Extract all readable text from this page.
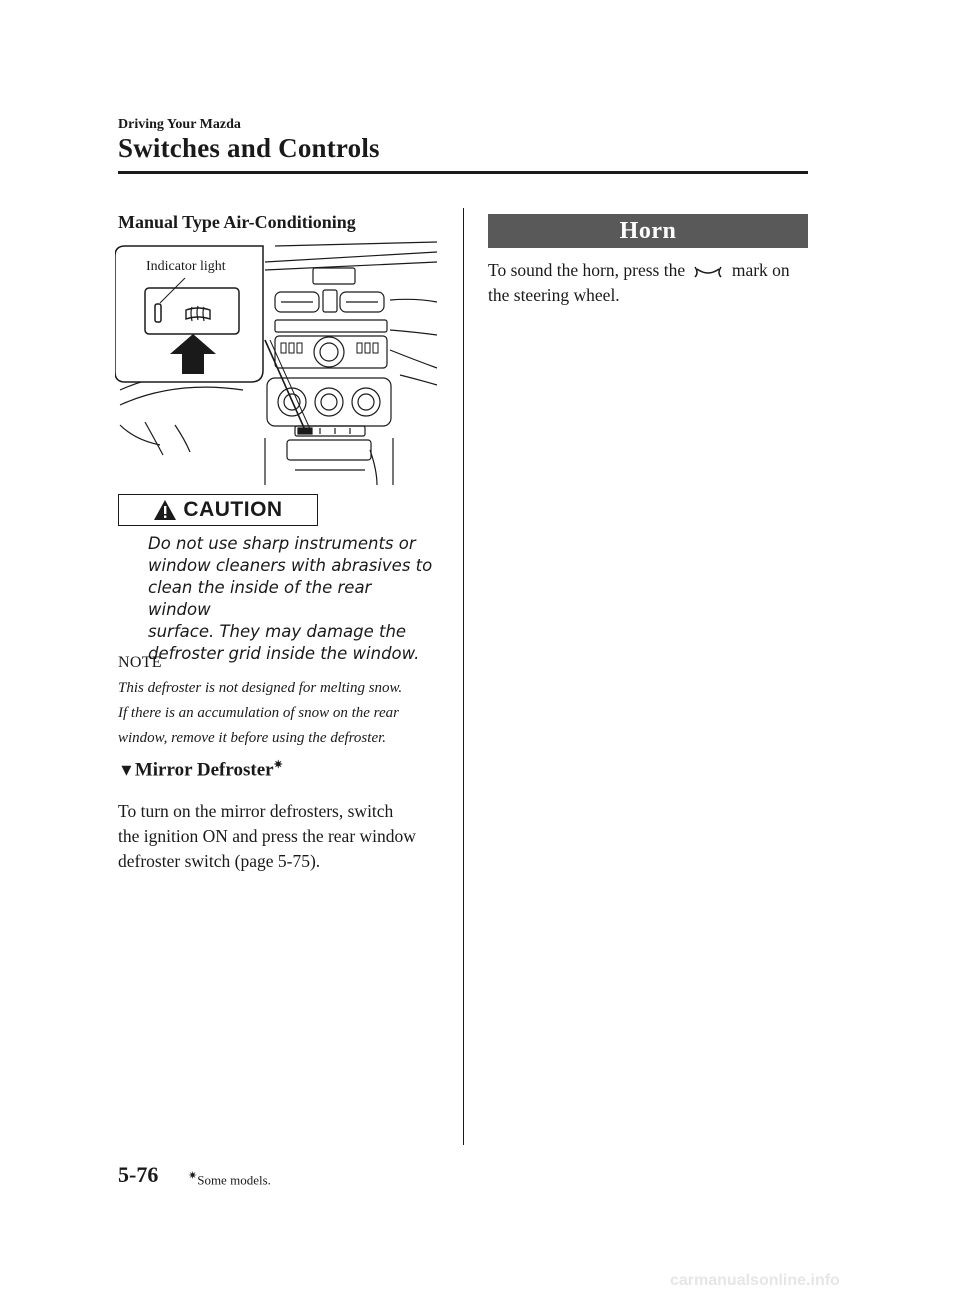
Driving Your Mazda
Switches and Controls
Manual Type Air-Conditioning
Indicator light
CAUTION
Do not use sharp instruments or
window cleaners with abrasives to
clean the inside of the rear window
surface. They may damage the
defroster grid inside the window.
NOTE
This defroster is not designed for melting snow.
If there is an accumulation of snow on the rear
window, remove it before using the defroster.
▼Mirror Defroster✷
To turn on the mirror defrosters, switch
the ignition ON and press the rear window
defroster switch (page 5-75).
Horn
To sound the horn, press the	mark on
the steering wheel.
5-76	✷Some models.
carmanualsonline.info
